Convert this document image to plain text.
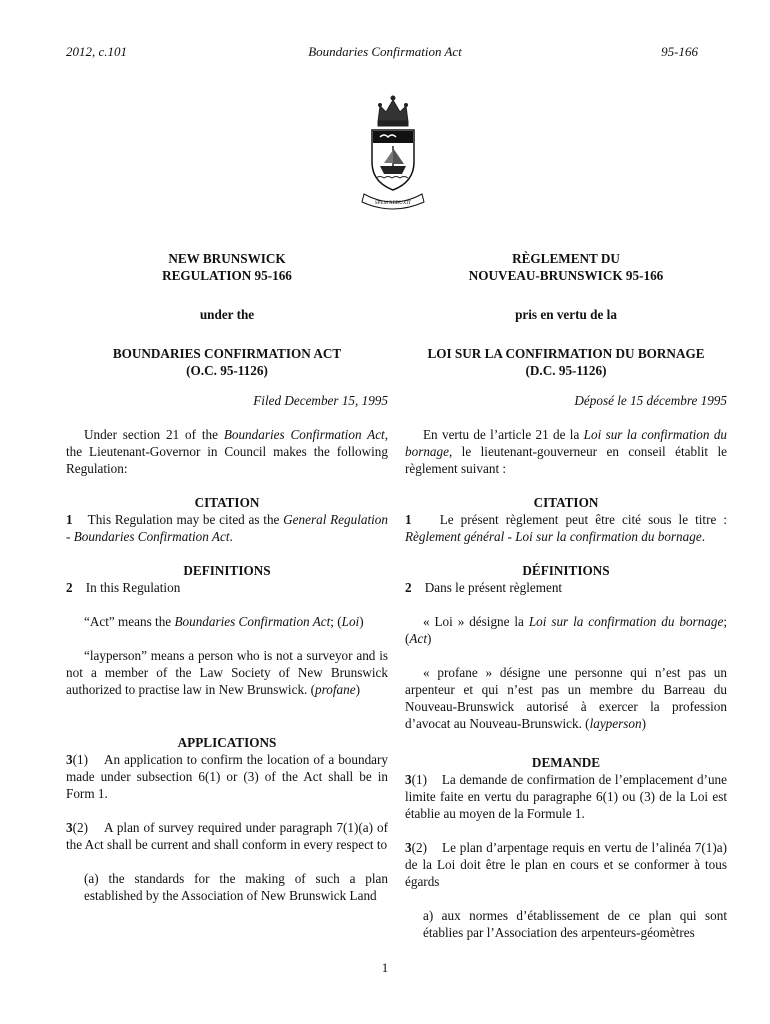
2012, c.101	Boundaries Confirmation Act	95-166
SPEM REDUXIT

NEW BRUNSWICK

REGULATION 95-166

under the

BOUNDARIES CONFIRMATION ACT

(O.C. 95-1126)

Filed December 15, 1995

Under section 21 of the Boundaries Confirmation Act, the Lieutenant-Governor in Council makes the following Regulation:

CITATION

1 This Regulation may be cited as the General Regulation - Boundaries Confirmation Act.

DEFINITIONS

2 In this Regulation

“Act” means the Boundaries Confirmation Act; (Loi)

“layperson” means a person who is not a surveyor and is not a member of the Law Society of New Brunswick authorized to practise law in New Brunswick. (profane)

APPLICATIONS

3(1) An application to confirm the location of a boundary made under subsection 6(1) or (3) of the Act shall be in Form 1.

3(2) A plan of survey required under paragraph 7(1)(a) of the Act shall be current and shall conform in every respect to

(a) the standards for the making of such a plan established by the Association of New Brunswick Land

RÈGLEMENT DU

NOUVEAU-BRUNSWICK 95-166

pris en vertu de la

LOI SUR LA CONFIRMATION DU BORNAGE

(D.C. 95-1126)

Déposé le 15 décembre 1995

En vertu de l’article 21 de la Loi sur la confirmation du bornage, le lieutenant-gouverneur en conseil établit le règlement suivant :

CITATION

1 Le présent règlement peut être cité sous le titre : Règlement général - Loi sur la confirmation du bornage.

DÉFINITIONS

2 Dans le présent règlement

« Loi » désigne la Loi sur la confirmation du bornage; (Act)

« profane » désigne une personne qui n’est pas un arpenteur et qui n’est pas un membre du Barreau du Nouveau-Brunswick autorisé à exercer la profession d’avocat au Nouveau-Brunswick. (layperson)

DEMANDE

3(1) La demande de confirmation de l’emplacement d’une limite faite en vertu du paragraphe 6(1) ou (3) de la Loi est établie au moyen de la Formule 1.

3(2) Le plan d’arpentage requis en vertu de l’alinéa 7(1)a) de la Loi doit être le plan en cours et se conformer à tous égards

a) aux normes d’établissement de ce plan qui sont établies par l’Association des arpenteurs-géomètres

1
